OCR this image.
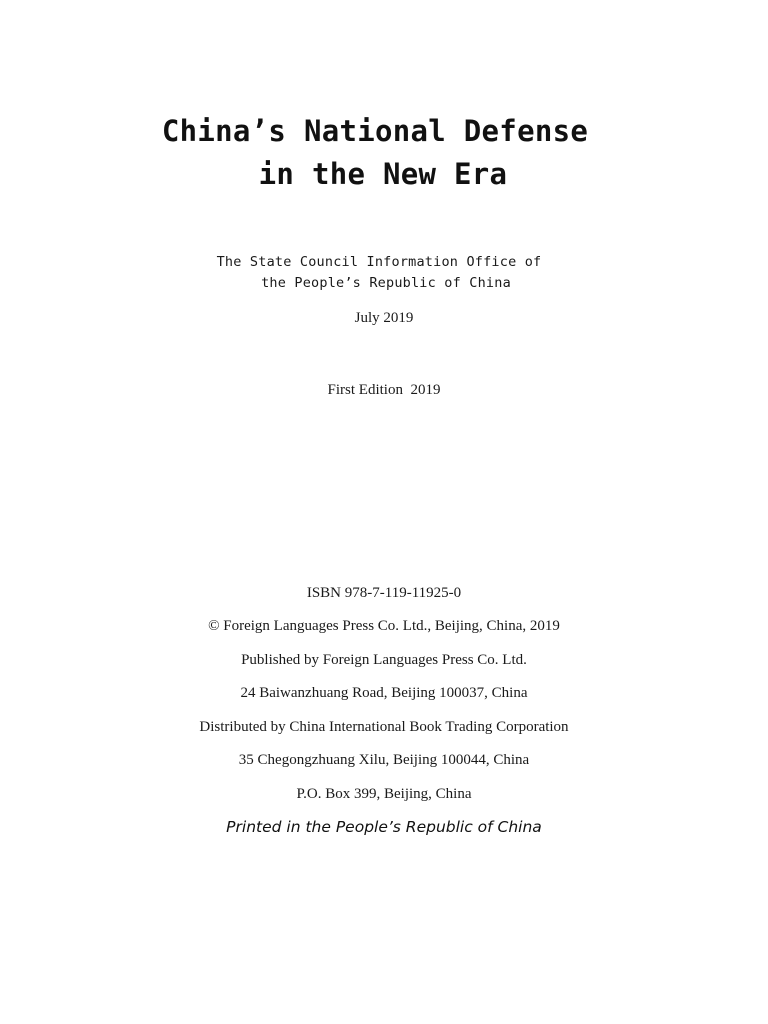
China’s National Defense
in the New Era
The State Council Information Office of
the People’s Republic of China
July 2019
First Edition  2019
ISBN 978-7-119-11925-0
© Foreign Languages Press Co. Ltd., Beijing, China, 2019
Published by Foreign Languages Press Co. Ltd.
24 Baiwanzhuang Road, Beijing 100037, China
Distributed by China International Book Trading Corporation
35 Chegongzhuang Xilu, Beijing 100044, China
P.O. Box 399, Beijing, China
Printed in the People’s Republic of China
